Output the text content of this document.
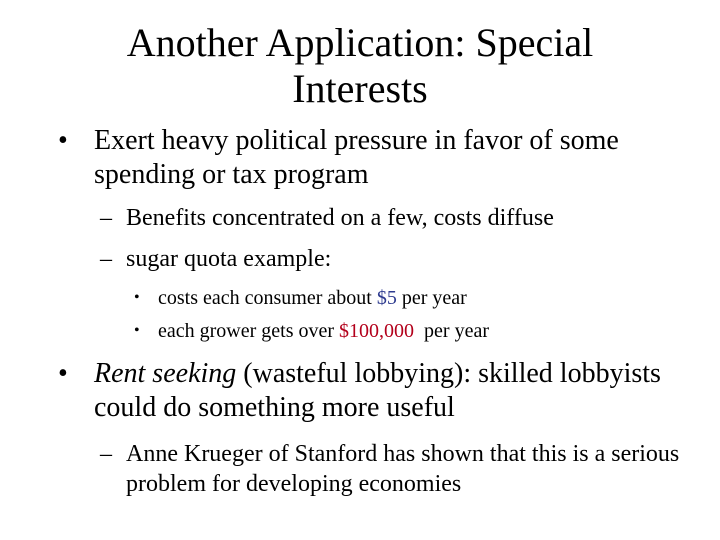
Another Application: Special Interests
• Exert heavy political pressure in favor of some spending or tax program
– Benefits concentrated on a few, costs diffuse
– sugar quota example:
• costs each consumer about $5 per year
• each grower gets over $100,000  per year
• Rent seeking (wasteful lobbying): skilled lobbyists could do something more useful
– Anne Krueger of Stanford has shown that this is a serious problem for developing economies
